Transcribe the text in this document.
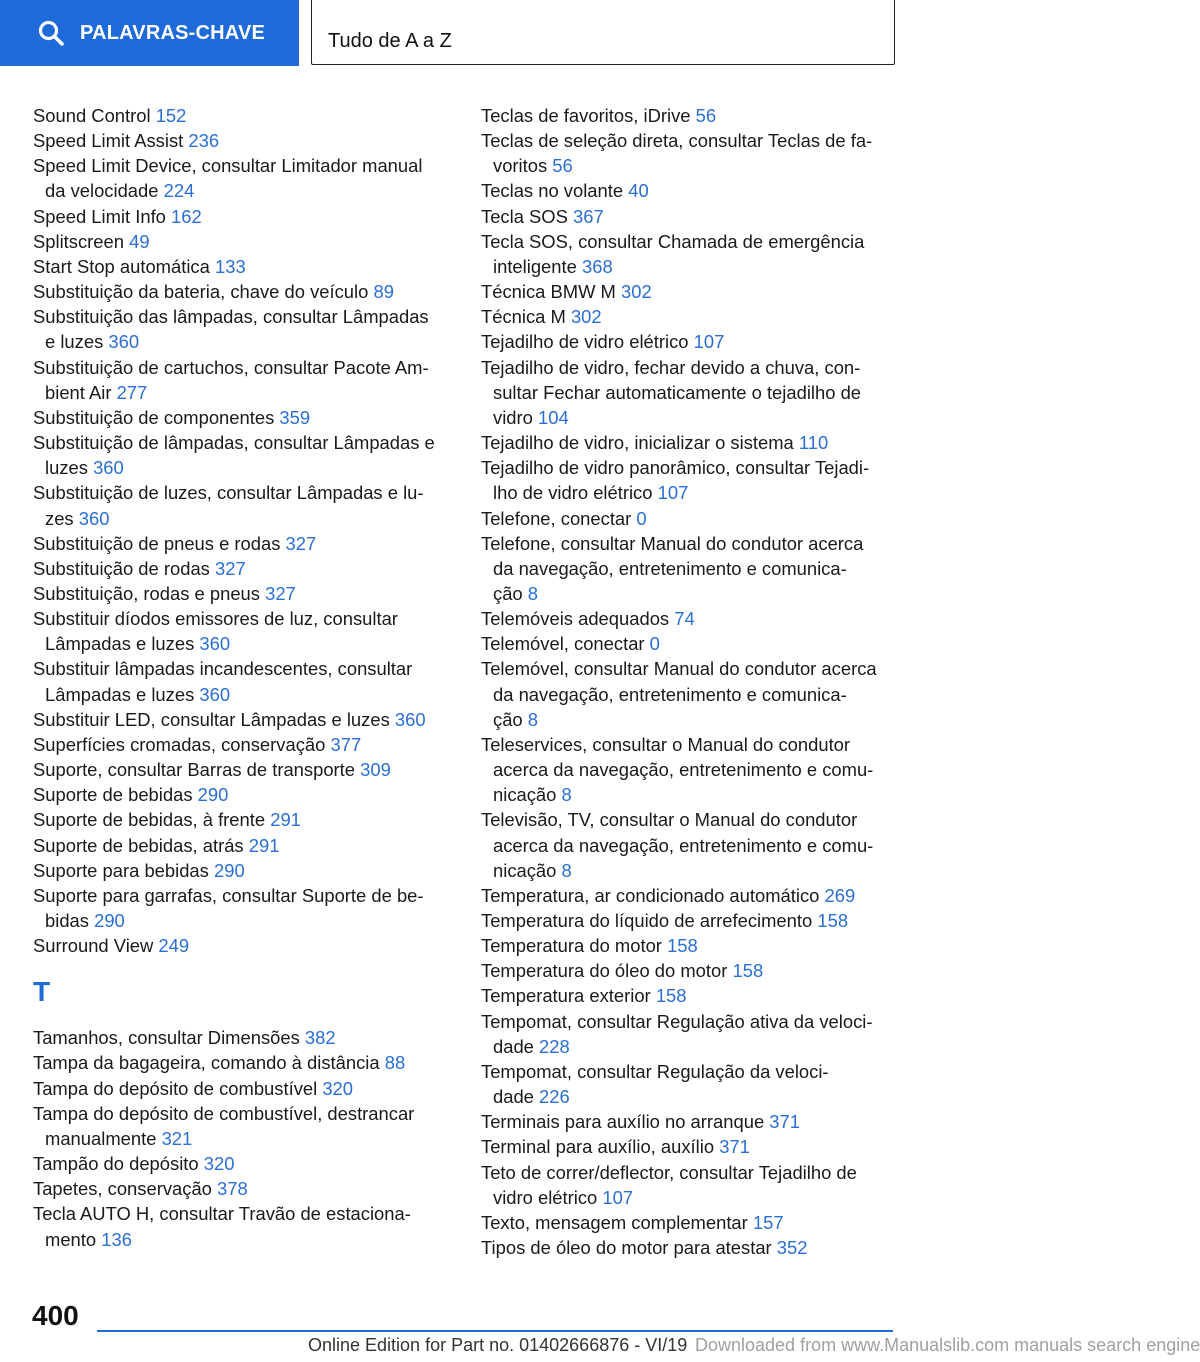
PALAVRAS-CHAVE	Tudo de A a Z
Sound Control 152
Speed Limit Assist 236
Speed Limit Device, consultar Limitador manual
da velocidade 224
Speed Limit Info 162
Splitscreen 49
Start Stop automática 133
Substituição da bateria, chave do veículo 89
Substituição das lâmpadas, consultar Lâmpadas
e luzes 360
Substituição de cartuchos, consultar Pacote Am-
bient Air 277
Substituição de componentes 359
Substituição de lâmpadas, consultar Lâmpadas e
luzes 360
Substituição de luzes, consultar Lâmpadas e lu-
zes 360
Substituição de pneus e rodas 327
Substituição de rodas 327
Substituição, rodas e pneus 327
Substituir díodos emissores de luz, consultar
Lâmpadas e luzes 360
Substituir lâmpadas incandescentes, consultar
Lâmpadas e luzes 360
Substituir LED, consultar Lâmpadas e luzes 360
Superfícies cromadas, conservação 377
Suporte, consultar Barras de transporte 309
Suporte de bebidas 290
Suporte de bebidas, à frente 291
Suporte de bebidas, atrás 291
Suporte para bebidas 290
Suporte para garrafas, consultar Suporte de be-
bidas 290
Surround View 249
T
Tamanhos, consultar Dimensões 382
Tampa da bagageira, comando à distância 88
Tampa do depósito de combustível 320
Tampa do depósito de combustível, destrancar
manualmente 321
Tampão do depósito 320
Tapetes, conservação 378
Tecla AUTO H, consultar Travão de estaciona-
mento 136
Teclas de favoritos, iDrive 56
Teclas de seleção direta, consultar Teclas de fa-
voritos 56
Teclas no volante 40
Tecla SOS 367
Tecla SOS, consultar Chamada de emergência
inteligente 368
Técnica BMW M 302
Técnica M 302
Tejadilho de vidro elétrico 107
Tejadilho de vidro, fechar devido a chuva, con-
sultar Fechar automaticamente o tejadilho de
vidro 104
Tejadilho de vidro, inicializar o sistema 110
Tejadilho de vidro panorâmico, consultar Tejadi-
lho de vidro elétrico 107
Telefone, conectar 0
Telefone, consultar Manual do condutor acerca
da navegação, entretenimento e comunica-
ção 8
Telemóveis adequados 74
Telemóvel, conectar 0
Telemóvel, consultar Manual do condutor acerca
da navegação, entretenimento e comunica-
ção 8
Teleservices, consultar o Manual do condutor
acerca da navegação, entretenimento e comu-
nicação 8
Televisão, TV, consultar o Manual do condutor
acerca da navegação, entretenimento e comu-
nicação 8
Temperatura, ar condicionado automático 269
Temperatura do líquido de arrefecimento 158
Temperatura do motor 158
Temperatura do óleo do motor 158
Temperatura exterior 158
Tempomat, consultar Regulação ativa da veloci-
dade 228
Tempomat, consultar Regulação da veloci-
dade 226
Terminais para auxílio no arranque 371
Terminal para auxílio, auxílio 371
Teto de correr/deflector, consultar Tejadilho de
vidro elétrico 107
Texto, mensagem complementar 157
Tipos de óleo do motor para atestar 352
400
Online Edition for Part no. 01402666876 - VI/19 Downloaded from www.Manualslib.com manuals search engine
